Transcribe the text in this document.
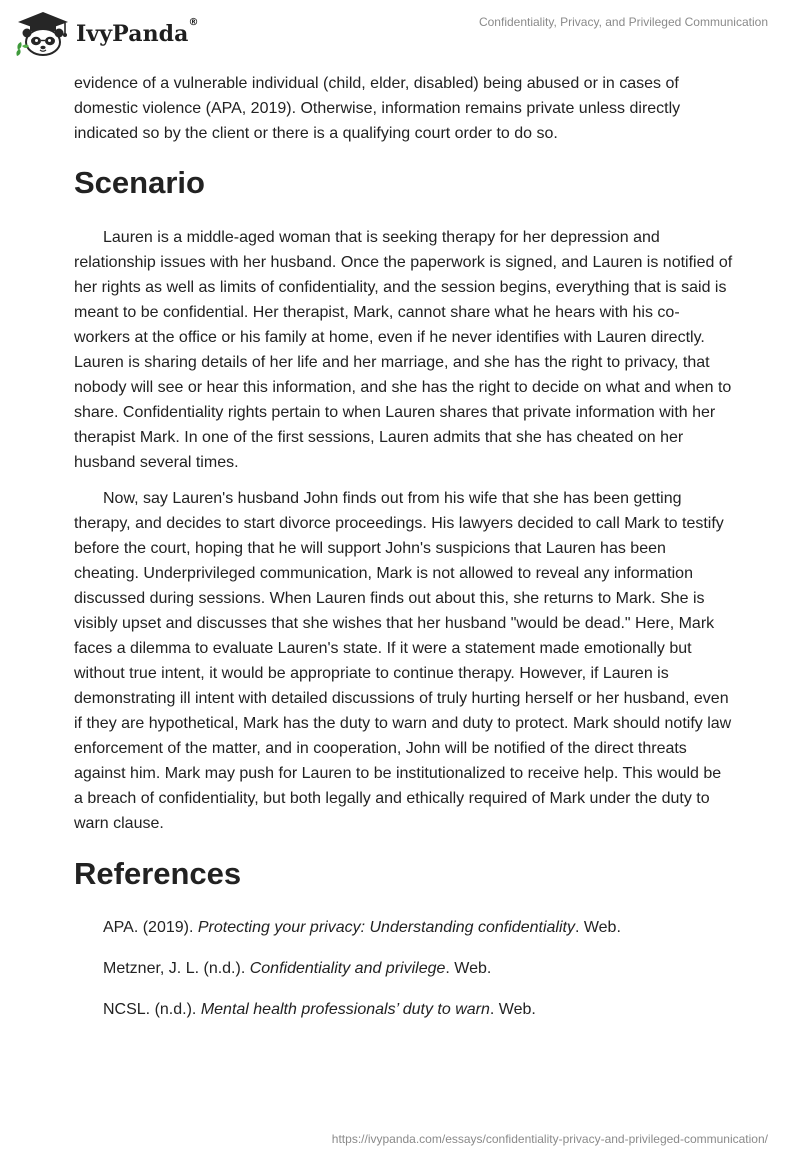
IvyPanda®	Confidentiality, Privacy, and Privileged Communication

evidence of a vulnerable individual (child, elder, disabled) being abused or in cases of domestic violence (APA, 2019). Otherwise, information remains private unless directly indicated so by the client or there is a qualifying court order to do so.

Scenario

Lauren is a middle-aged woman that is seeking therapy for her depression and relationship issues with her husband. Once the paperwork is signed, and Lauren is notified of her rights as well as limits of confidentiality, and the session begins, everything that is said is meant to be confidential. Her therapist, Mark, cannot share what he hears with his co-workers at the office or his family at home, even if he never identifies with Lauren directly. Lauren is sharing details of her life and her marriage, and she has the right to privacy, that nobody will see or hear this information, and she has the right to decide on what and when to share. Confidentiality rights pertain to when Lauren shares that private information with her therapist Mark. In one of the first sessions, Lauren admits that she has cheated on her husband several times.

Now, say Lauren's husband John finds out from his wife that she has been getting therapy, and decides to start divorce proceedings. His lawyers decided to call Mark to testify before the court, hoping that he will support John's suspicions that Lauren has been cheating. Underprivileged communication, Mark is not allowed to reveal any information discussed during sessions. When Lauren finds out about this, she returns to Mark. She is visibly upset and discusses that she wishes that her husband "would be dead." Here, Mark faces a dilemma to evaluate Lauren's state. If it were a statement made emotionally but without true intent, it would be appropriate to continue therapy. However, if Lauren is demonstrating ill intent with detailed discussions of truly hurting herself or her husband, even if they are hypothetical, Mark has the duty to warn and duty to protect. Mark should notify law enforcement of the matter, and in cooperation, John will be notified of the direct threats against him. Mark may push for Lauren to be institutionalized to receive help. This would be a breach of confidentiality, but both legally and ethically required of Mark under the duty to warn clause.

References

APA. (2019). Protecting your privacy: Understanding confidentiality. Web.

Metzner, J. L. (n.d.). Confidentiality and privilege. Web.

NCSL. (n.d.). Mental health professionals’ duty to warn. Web.

https://ivypanda.com/essays/confidentiality-privacy-and-privileged-communication/
